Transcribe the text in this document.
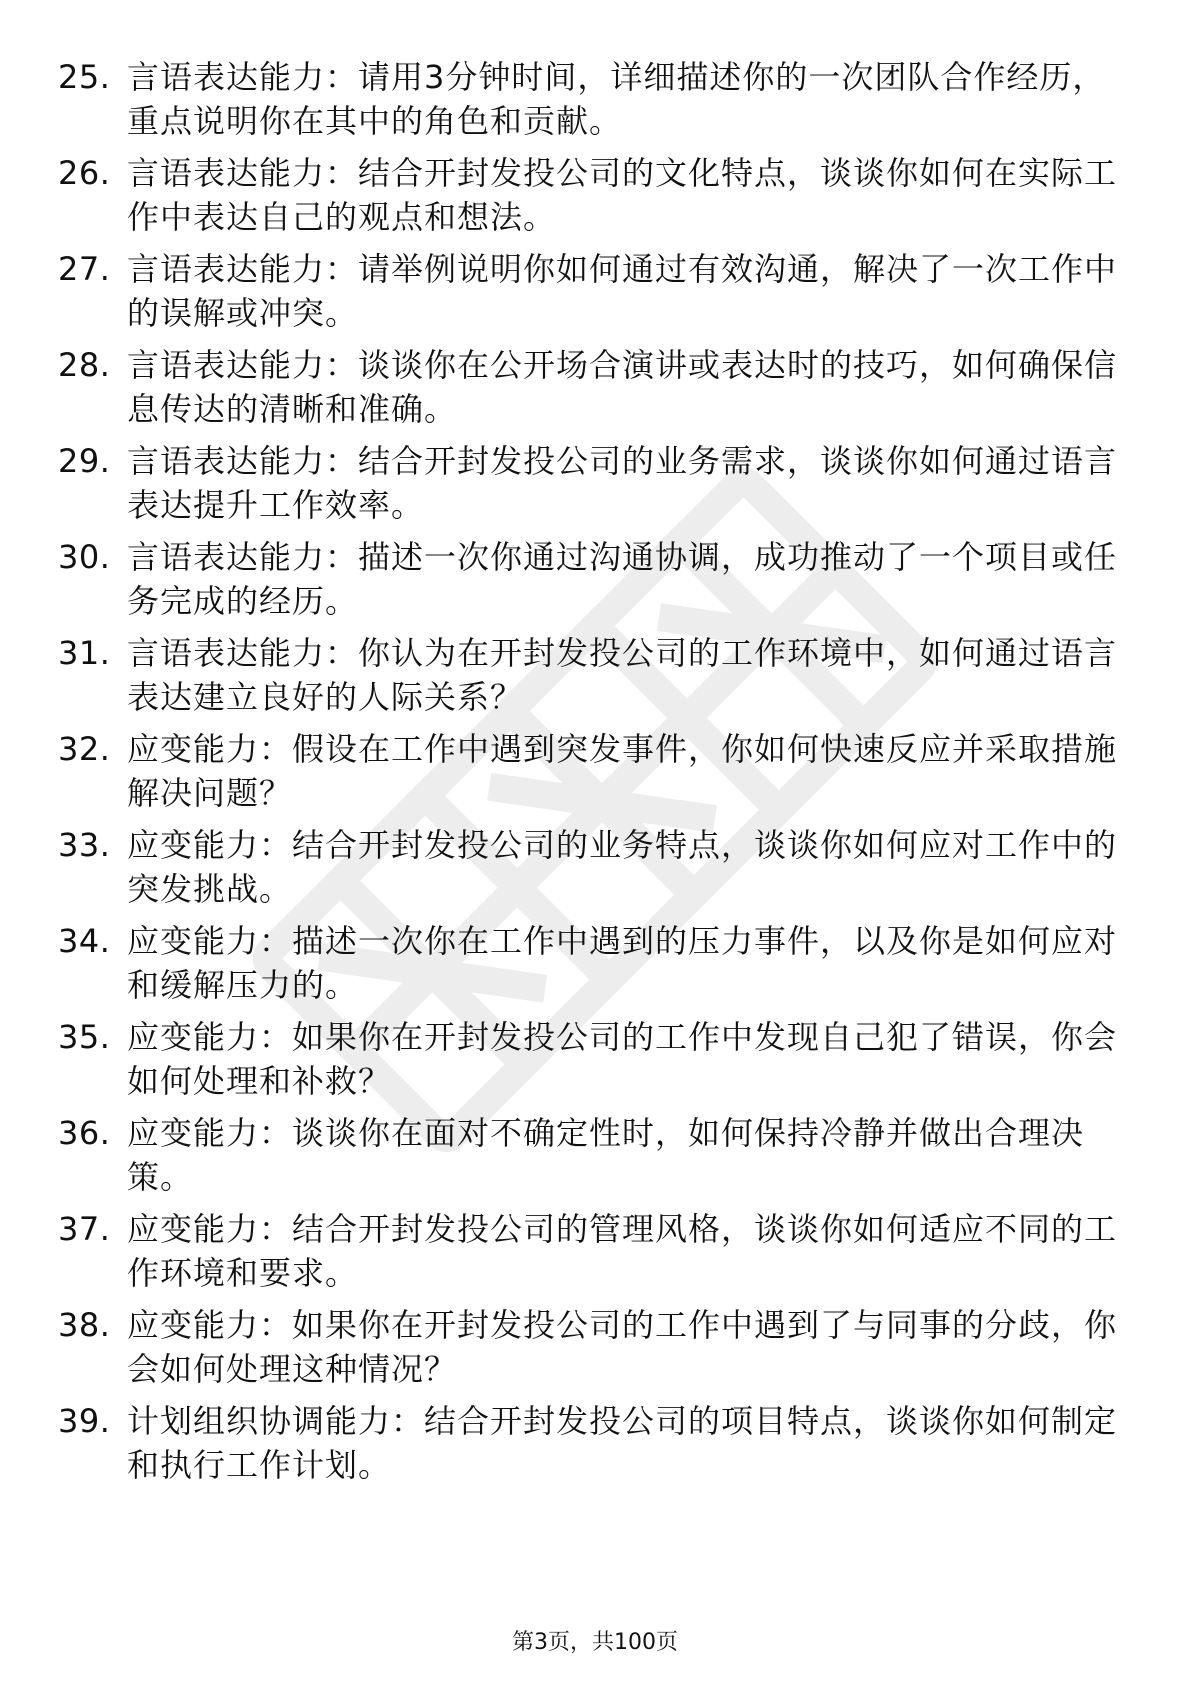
25. 言语表达能力：请用3分钟时间，详细描述你的一次团队合作经历，重点说明你在其中的角色和贡献。
26. 言语表达能力：结合开封发投公司的文化特点，谈谈你如何在实际工作中表达自己的观点和想法。
27. 言语表达能力：请举例说明你如何通过有效沟通，解决了一次工作中的误解或冲突。
28. 言语表达能力：谈谈你在公开场合演讲或表达时的技巧，如何确保信息传达的清晰和准确。
29. 言语表达能力：结合开封发投公司的业务需求，谈谈你如何通过语言表达提升工作效率。
30. 言语表达能力：描述一次你通过沟通协调，成功推动了一个项目或任务完成的经历。
31. 言语表达能力：你认为在开封发投公司的工作环境中，如何通过语言表达建立良好的人际关系？
32. 应变能力：假设在工作中遇到突发事件，你如何快速反应并采取措施解决问题？
33. 应变能力：结合开封发投公司的业务特点，谈谈你如何应对工作中的突发挑战。
34. 应变能力：描述一次你在工作中遇到的压力事件，以及你是如何应对和缓解压力的。
35. 应变能力：如果你在开封发投公司的工作中发现自己犯了错误，你会如何处理和补救？
36. 应变能力：谈谈你在面对不确定性时，如何保持冷静并做出合理决策。
37. 应变能力：结合开封发投公司的管理风格，谈谈你如何适应不同的工作环境和要求。
38. 应变能力：如果你在开封发投公司的工作中遇到了与同事的分歧，你会如何处理这种情况？
39. 计划组织协调能力：结合开封发投公司的项目特点，谈谈你如何制定和执行工作计划。
第3页，共100页
